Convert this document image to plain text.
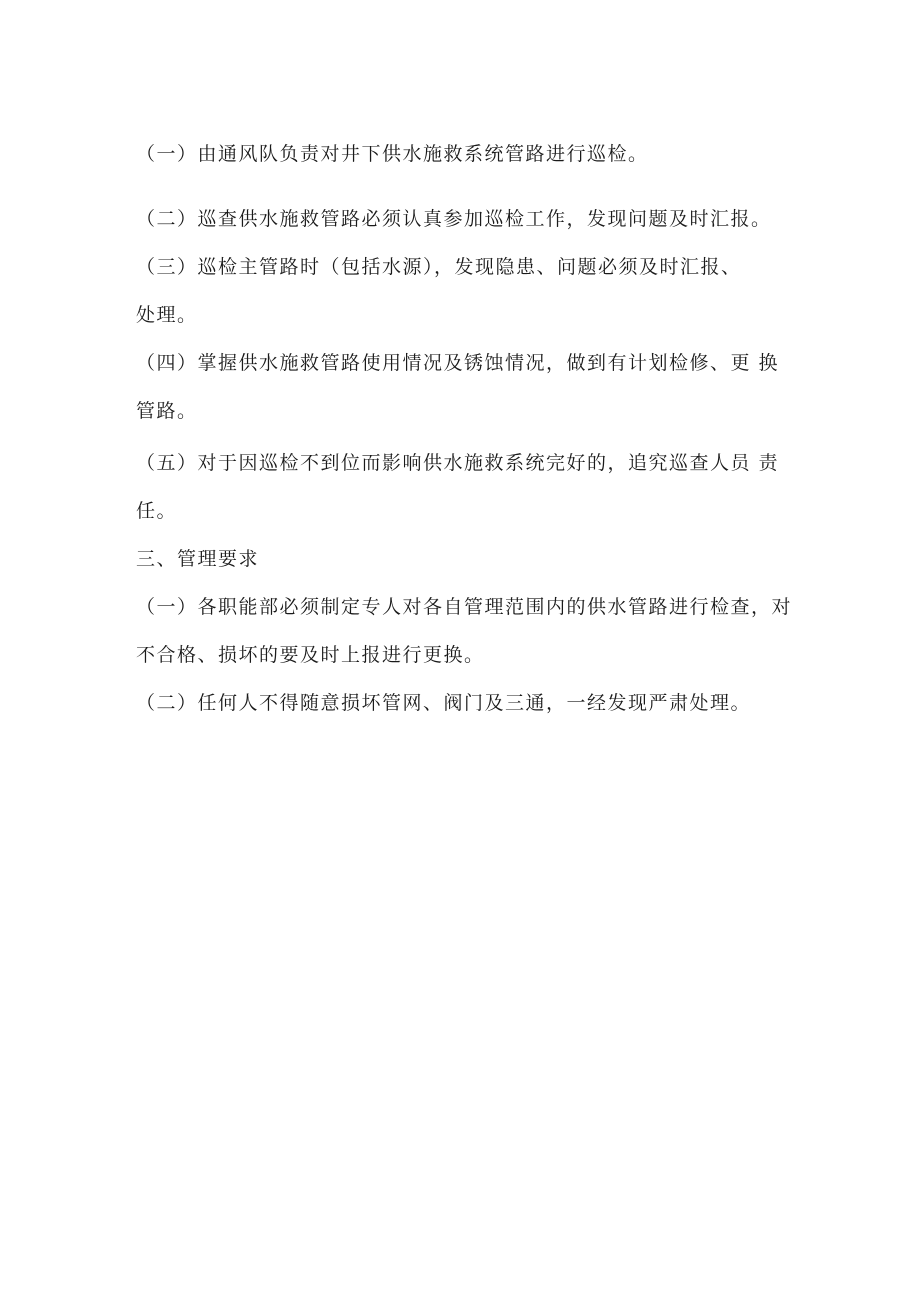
（一）由通风队负责对井下供水施救系统管路进行巡检。
（二）巡查供水施救管路必须认真参加巡检工作，发现问题及时汇报。
（三）巡检主管路时（包括水源），发现隐患、问题必须及时汇报、
处理。
（四）掌握供水施救管路使用情况及锈蚀情况，做到有计划检修、更 换
管路。
（五）对于因巡检不到位而影响供水施救系统完好的，追究巡查人员 责
任。
三、管理要求
（一）各职能部必须制定专人对各自管理范围内的供水管路进行检查，对
不合格、损坏的要及时上报进行更换。
（二）任何人不得随意损坏管网、阀门及三通，一经发现严肃处理。
